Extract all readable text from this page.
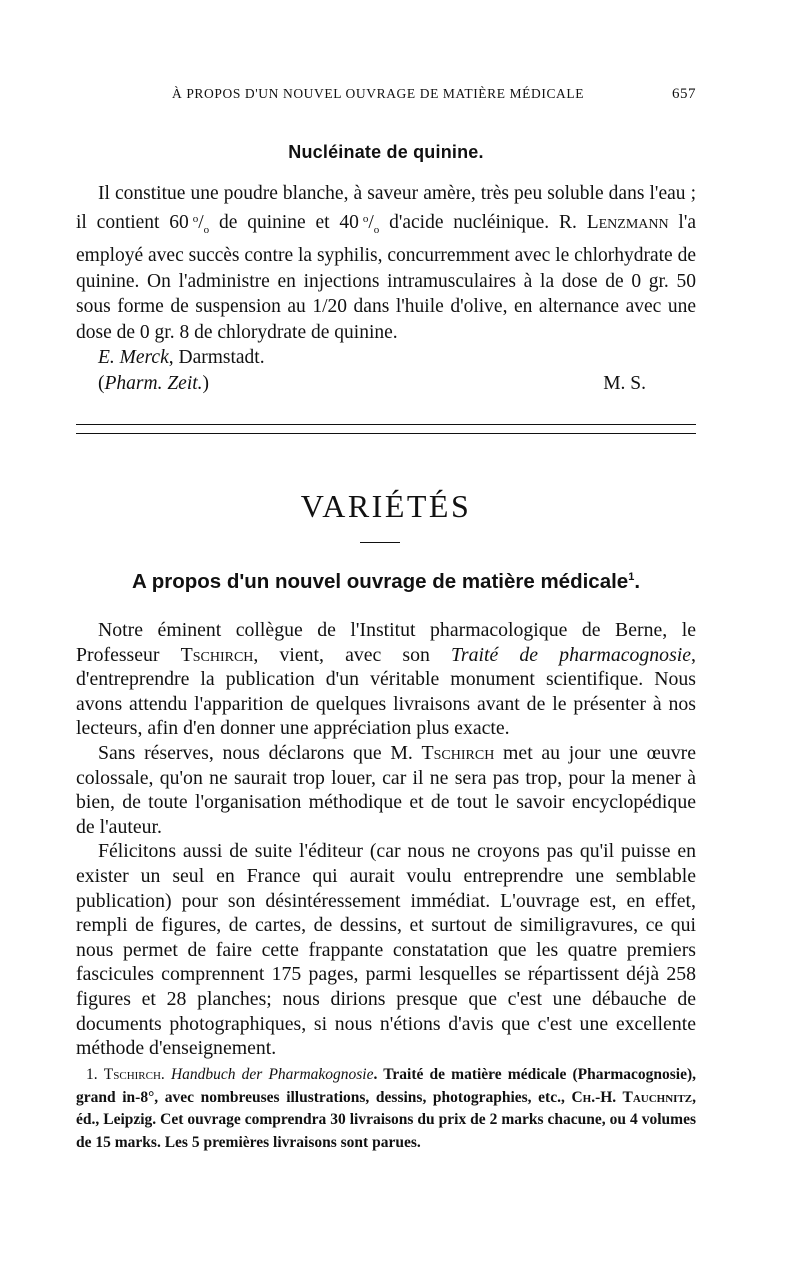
À PROPOS D'UN NOUVEL OUVRAGE DE MATIÈRE MÉDICALE	657
Nucléinate de quinine.

Il constitue une poudre blanche, à saveur amère, très peu soluble dans l'eau ; il contient 60  $^o/_o$ de quinine et 40  $^o/_o$ d'acide nucléinique. R. Lenzmann l'a employé avec succès contre la syphilis, concurremment avec le chlorhydrate de quinine. On l'administre en injections intramusculaires à la dose de 0 gr. 50 sous forme de suspension au 1/20 dans l'huile d'olive, en alternance avec une dose de 0 gr. 8 de chlorydrate de quinine.

E. Merck, Darmstadt.

(Pharm. Zeit.)	M. S.

VARIÉTÉS
A propos d'un nouvel ouvrage de matière médicale$^1$.

Notre éminent collègue de l'Institut pharmacologique de Berne, le Professeur Tschirch, vient, avec son Traité de pharmacognosie, d'entreprendre la publication d'un véritable monument scientifique. Nous avons attendu l'apparition de quelques livraisons avant de le présenter à nos lecteurs, afin d'en donner une appréciation plus exacte.

Sans réserves, nous déclarons que M. Tschirch met au jour une œuvre colossale, qu'on ne saurait trop louer, car il ne sera pas trop, pour la mener à bien, de toute l'organisation méthodique et de tout le savoir encyclopédique de l'auteur.

Félicitons aussi de suite l'éditeur (car nous ne croyons pas qu'il puisse en exister un seul en France qui aurait voulu entreprendre une semblable publication) pour son désintéressement immédiat. L'ouvrage est, en effet, rempli de figures, de cartes, de dessins, et surtout de similigravures, ce qui nous permet de faire cette frappante constatation que les quatre premiers fascicules comprennent 175 pages, parmi lesquelles se répartissent déjà 258 figures et 28 planches; nous dirions presque que c'est une débauche de documents photographiques, si nous n'étions d'avis que c'est une excellente méthode d'enseignement.

1. Tschirch. Handbuch der Pharmakognosie. Traité de matière médicale (Pharmacognosie), grand in-8°, avec nombreuses illustrations, dessins, photographies, etc., Ch.-H. Tauchnitz, éd., Leipzig. Cet ouvrage comprendra 30 livraisons du prix de 2 marks chacune, ou 4 volumes de 15 marks. Les 5 premières livraisons sont parues.
